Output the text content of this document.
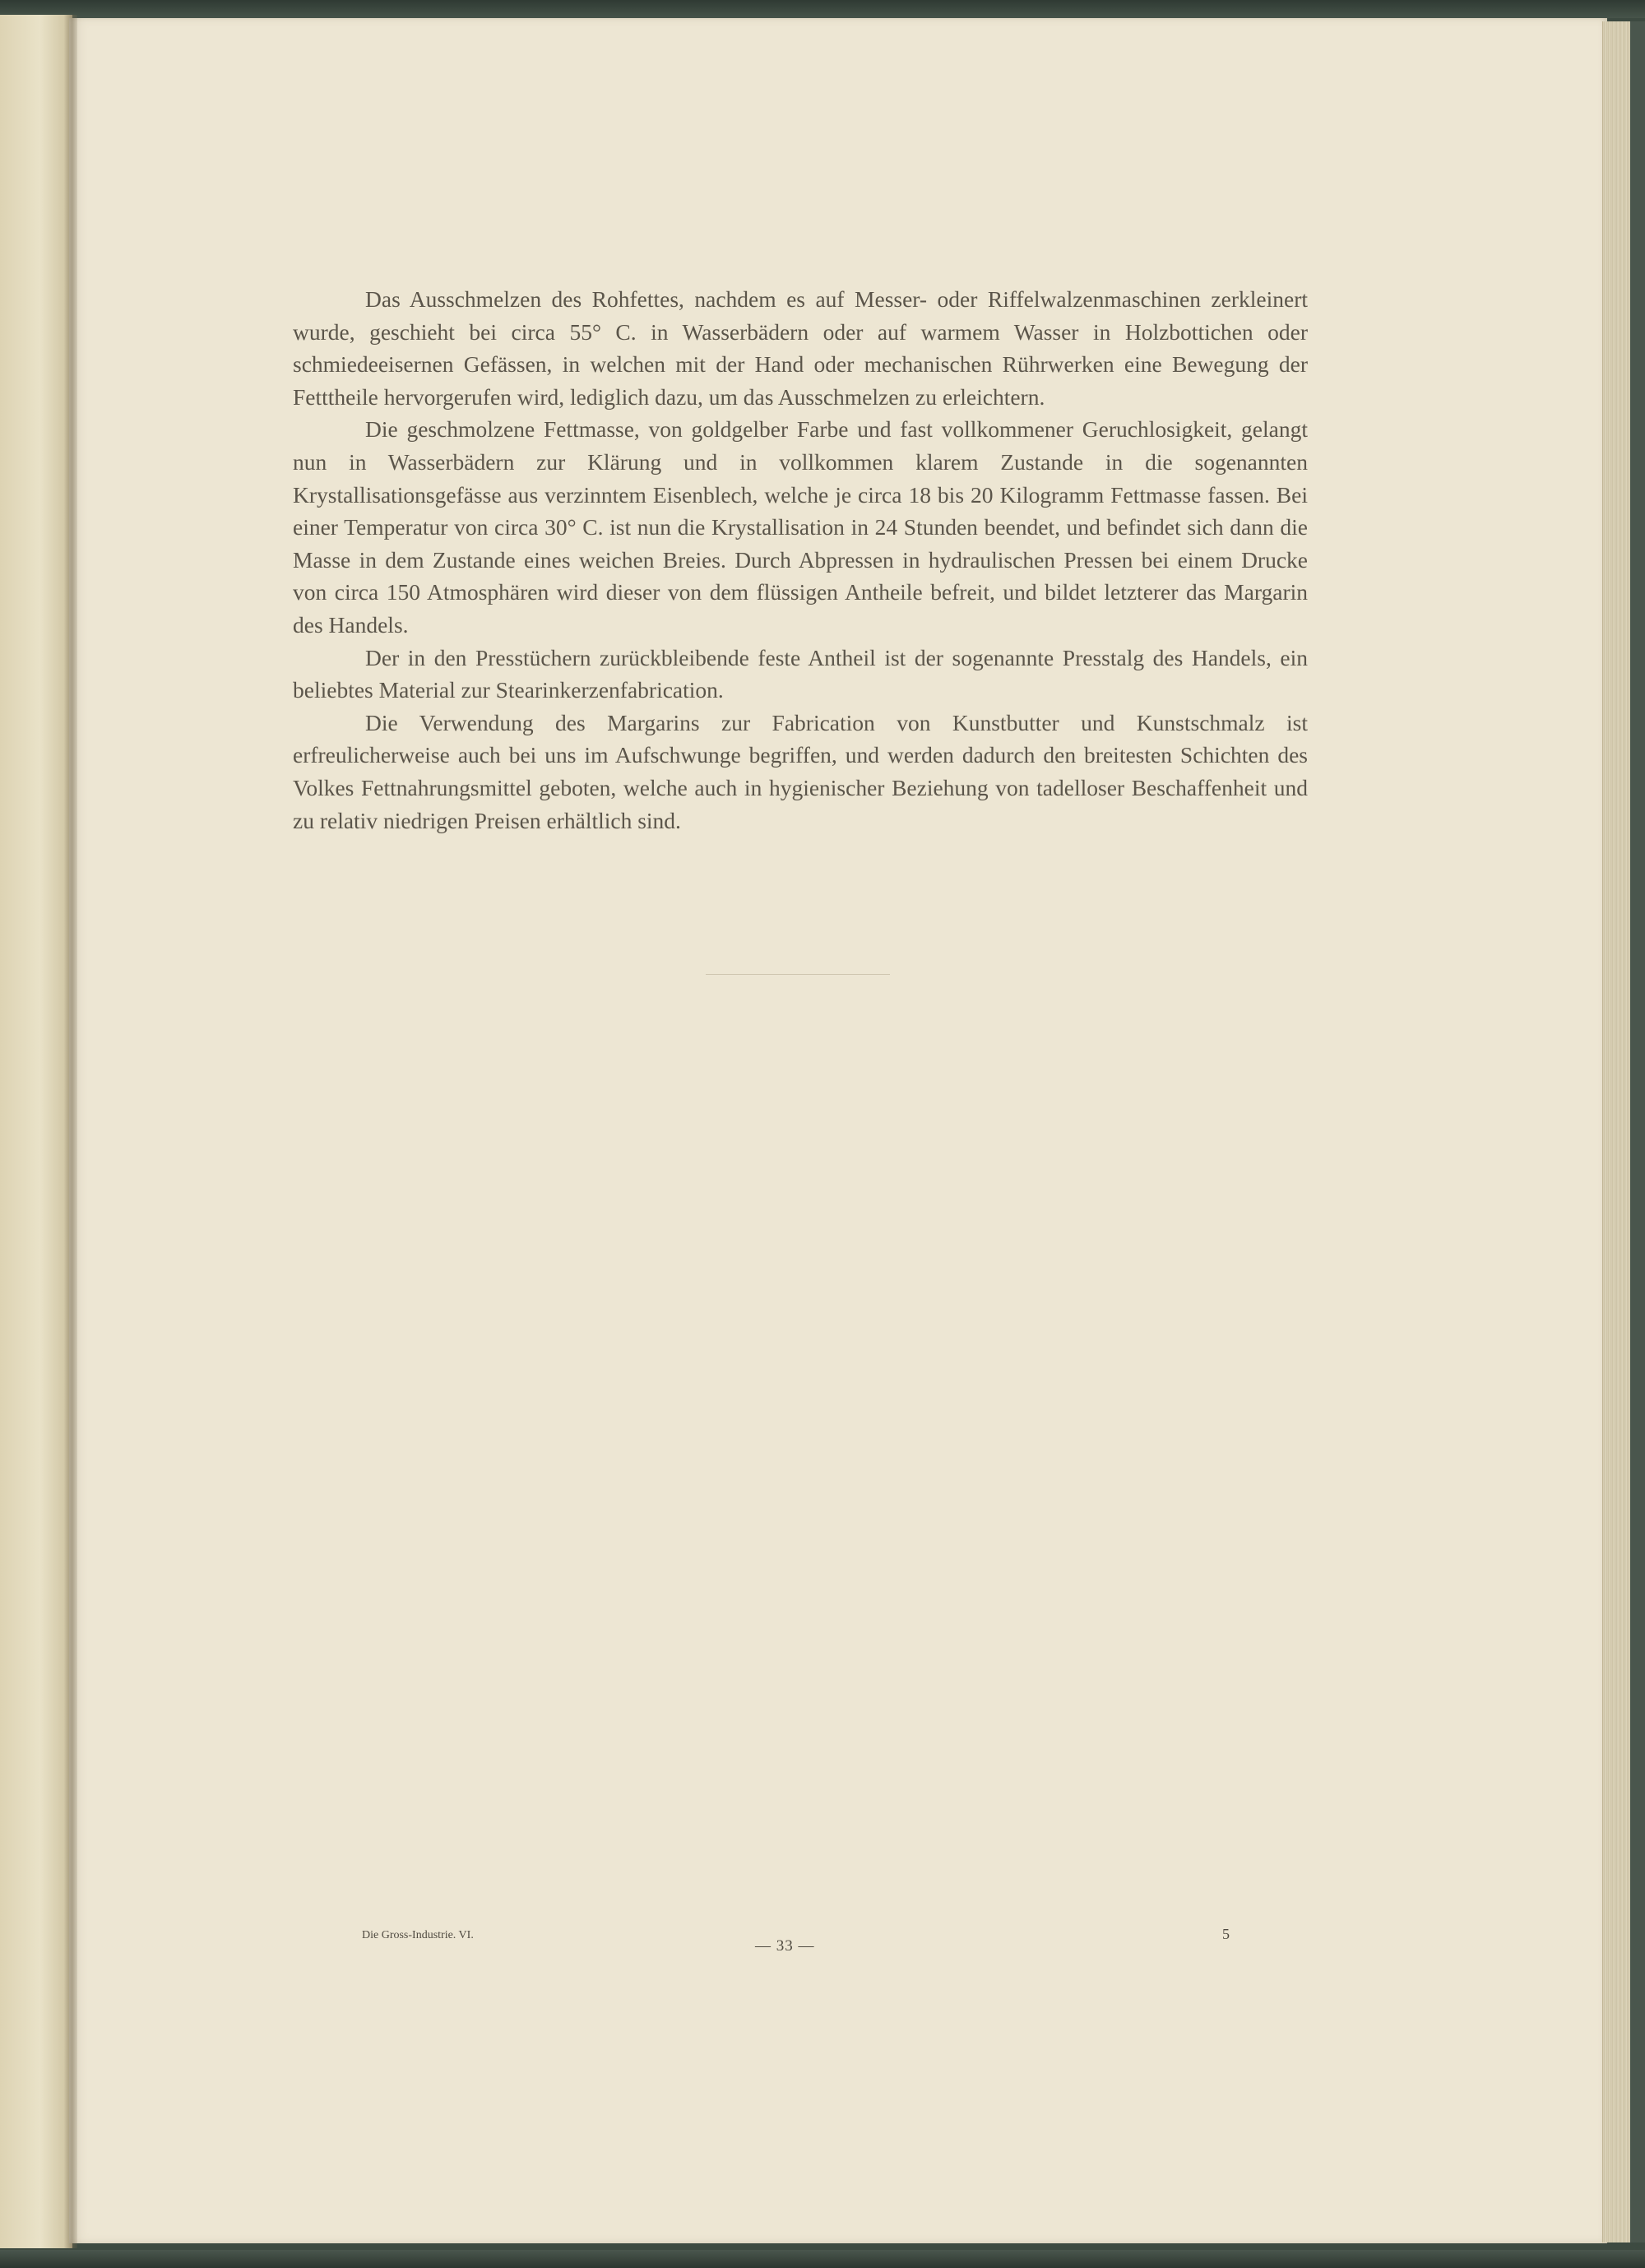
Das Ausschmelzen des Rohfettes, nachdem es auf Messer- oder Riffelwalzenmaschinen zerkleinert wurde, geschieht bei circa 55° C. in Wasserbädern oder auf warmem Wasser in Holzbottichen oder schmiedeeisernen Gefässen, in welchen mit der Hand oder mechanischen Rührwerken eine Bewegung der Fetttheile hervorgerufen wird, lediglich dazu, um das Ausschmelzen zu erleichtern.

Die geschmolzene Fettmasse, von goldgelber Farbe und fast vollkommener Geruchlosigkeit, gelangt nun in Wasserbädern zur Klärung und in vollkommen klarem Zustande in die sogenannten Krystallisationsgefässe aus verzinntem Eisenblech, welche je circa 18 bis 20 Kilogramm Fettmasse fassen. Bei einer Temperatur von circa 30° C. ist nun die Krystallisation in 24 Stunden beendet, und befindet sich dann die Masse in dem Zustande eines weichen Breies. Durch Abpressen in hydraulischen Pressen bei einem Drucke von circa 150 Atmosphären wird dieser von dem flüssigen Antheile befreit, und bildet letzterer das Margarin des Handels.

Der in den Presstüchern zurückbleibende feste Antheil ist der sogenannte Presstalg des Handels, ein beliebtes Material zur Stearinkerzenfabrication.

Die Verwendung des Margarins zur Fabrication von Kunstbutter und Kunstschmalz ist erfreulicherweise auch bei uns im Aufschwunge begriffen, und werden dadurch den breitesten Schichten des Volkes Fettnahrungsmittel geboten, welche auch in hygienischer Beziehung von tadelloser Beschaffenheit und zu relativ niedrigen Preisen erhältlich sind.

Die Gross-Industrie. VI.
— 33 —
5
